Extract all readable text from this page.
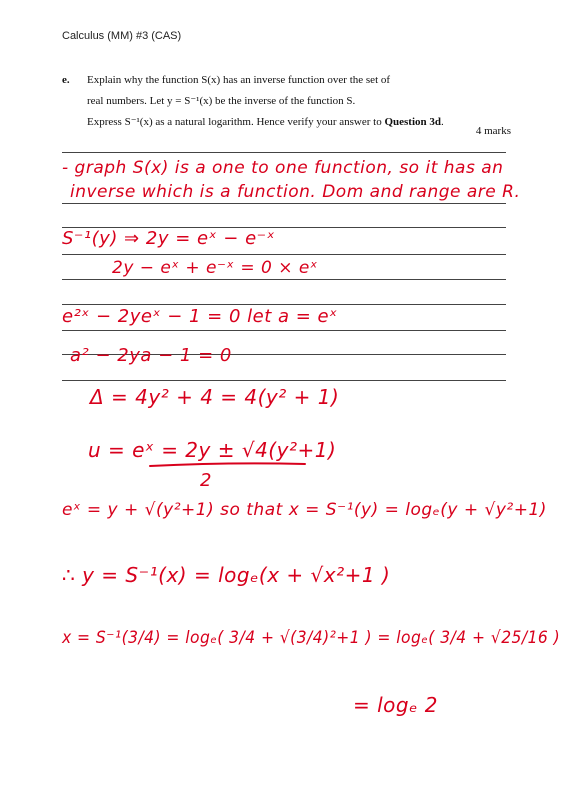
Calculus (MM) #3 (CAS)
e. Explain why the function S(x) has an inverse function over the set of
real numbers. Let y = S⁻¹(x) be the inverse of the function S.
Express S⁻¹(x) as a natural logarithm. Hence verify your answer to Question 3d.
4 marks
- graph S(x) is a one to one function, so it has an
inverse which is a function. Dom and range are R.
S⁻¹(y) ⇒ 2y = eˣ − e⁻ˣ
2y − eˣ + e⁻ˣ = 0 × eˣ
e²ˣ − 2yeˣ − 1 = 0 let a = eˣ
a² − 2ya − 1 = 0
Δ = 4y² + 4 = 4(y² + 1)
u = eˣ = 2y ± √4(y²+1)
2
eˣ = y + √(y²+1) so that x = S⁻¹(y) = logₑ(y + √y²+1)
∴ y = S⁻¹(x) = logₑ(x + √x²+1 )
x = S⁻¹(3/4) = logₑ( 3/4 + √(3/4)²+1 ) = logₑ( 3/4 + √25/16 )
= logₑ 2
